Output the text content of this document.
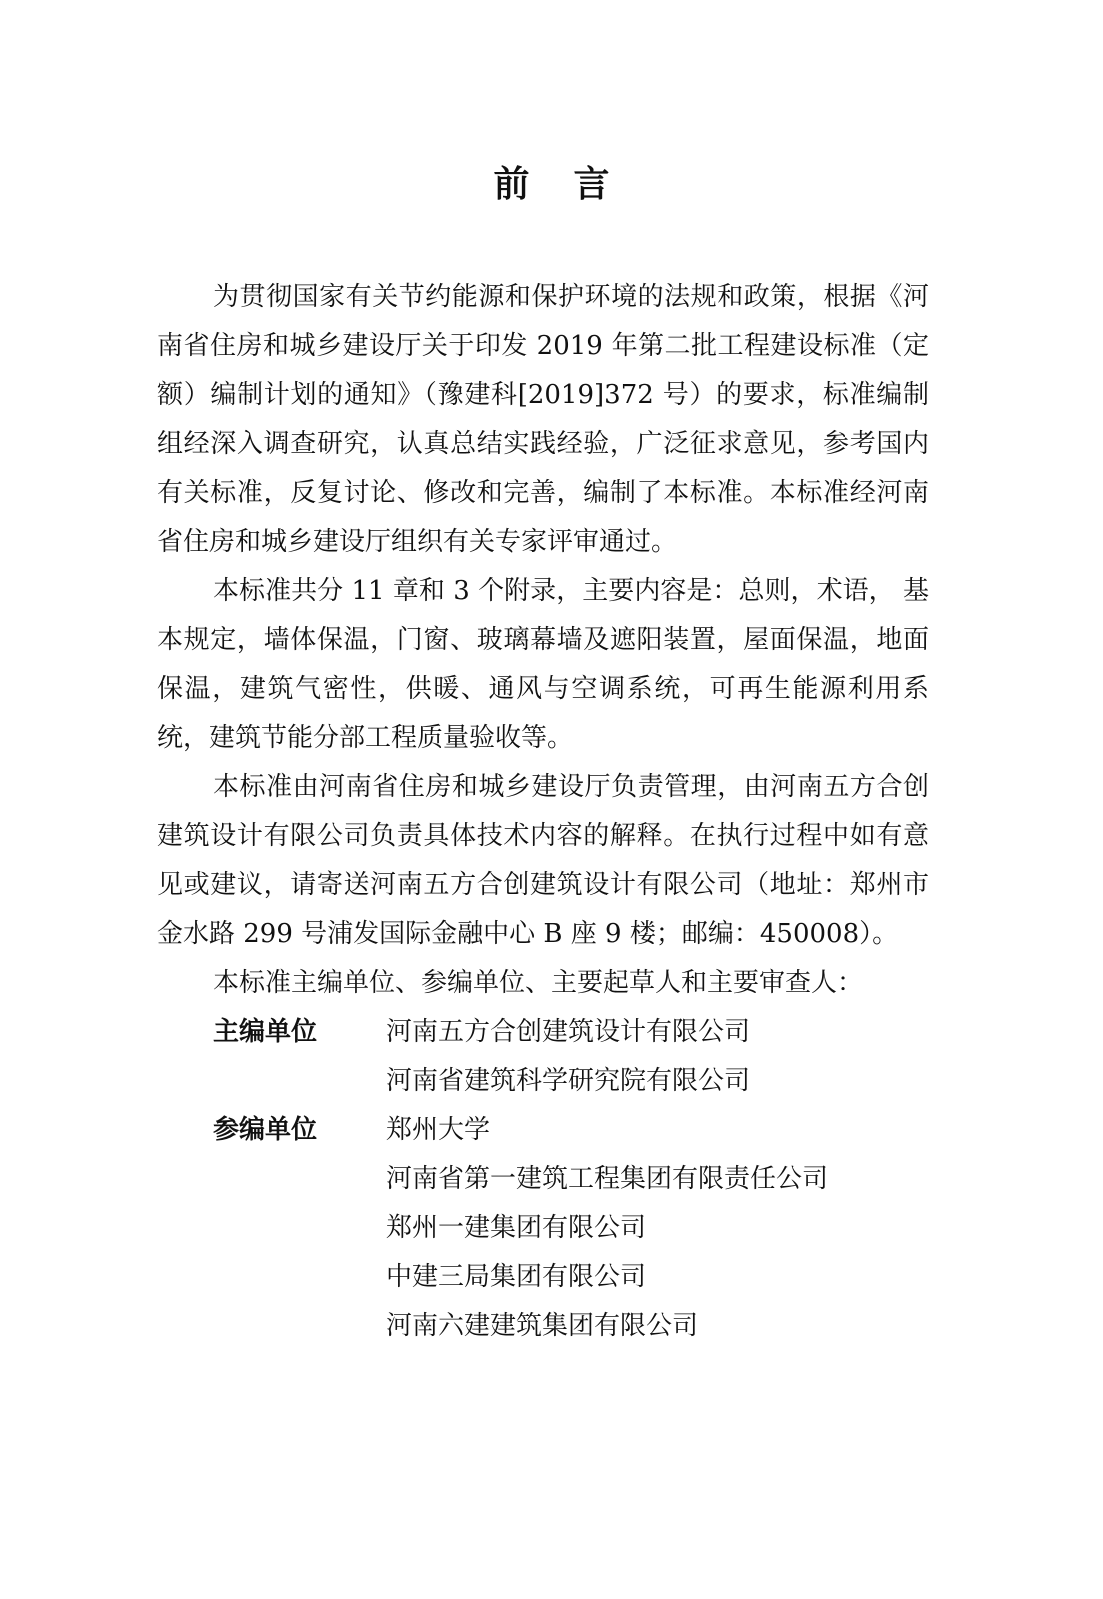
前言

为贯彻国家有关节约能源和保护环境的法规和政策，根据《河南省住房和城乡建设厅关于印发 2019 年第二批工程建设标准（定额）编制计划的通知》（豫建科[2019]372 号）的要求，标准编制组经深入调查研究，认真总结实践经验，广泛征求意见，参考国内有关标准，反复讨论、修改和完善，编制了本标准。本标准经河南省住房和城乡建设厅组织有关专家评审通过。

本标准共分 11 章和 3 个附录，主要内容是：总则，术语， 基本规定，墙体保温，门窗、玻璃幕墙及遮阳装置，屋面保温，地面保温，建筑气密性，供暖、通风与空调系统，可再生能源利用系统，建筑节能分部工程质量验收等。

本标准由河南省住房和城乡建设厅负责管理，由河南五方合创建筑设计有限公司负责具体技术内容的解释。在执行过程中如有意见或建议，请寄送河南五方合创建筑设计有限公司（地址：郑州市金水路 299 号浦发国际金融中心 B 座 9 楼；邮编：450008）。

本标准主编单位、参编单位、主要起草人和主要审查人：

主编单位	河南五方合创建筑设计有限公司
河南省建筑科学研究院有限公司
参编单位	郑州大学
河南省第一建筑工程集团有限责任公司
郑州一建集团有限公司
中建三局集团有限公司
河南六建建筑集团有限公司
